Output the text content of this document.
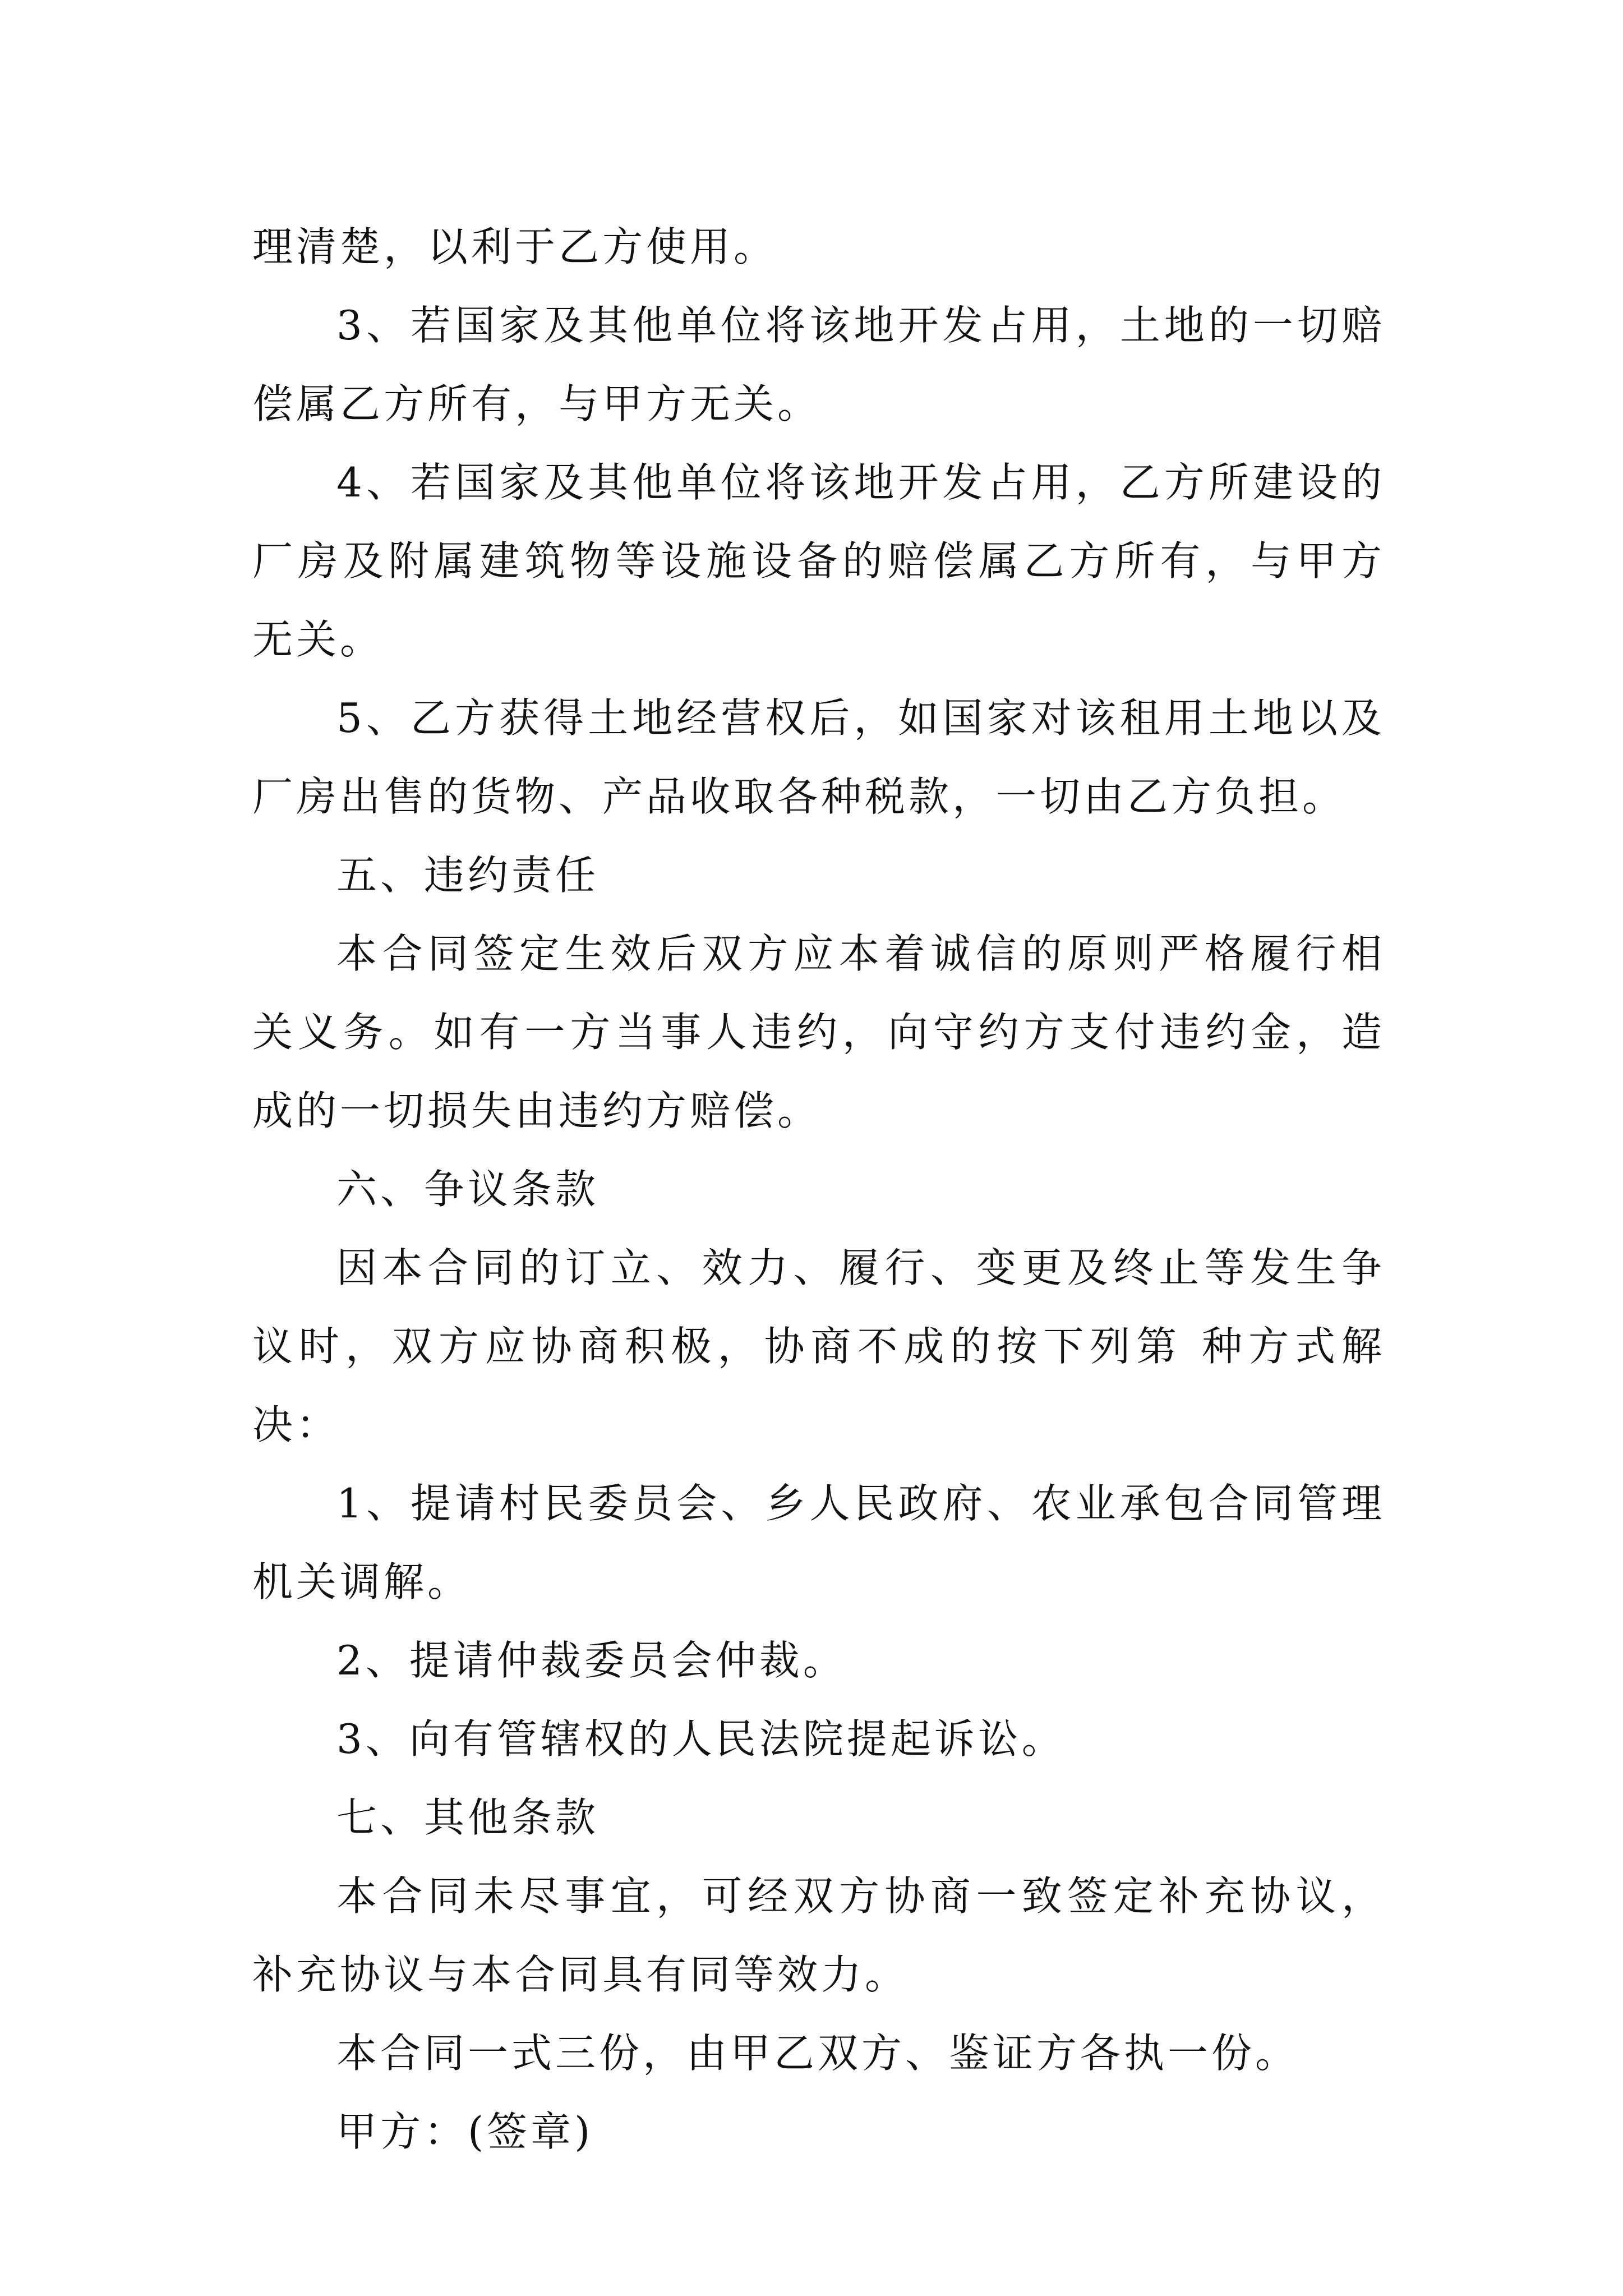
理清楚，以利于乙方使用。

3、若国家及其他单位将该地开发占用，土地的一切赔偿属乙方所有，与甲方无关。

4、若国家及其他单位将该地开发占用，乙方所建设的厂房及附属建筑物等设施设备的赔偿属乙方所有，与甲方无关。

5、乙方获得土地经营权后，如国家对该租用土地以及厂房出售的货物、产品收取各种税款，一切由乙方负担。

五、违约责任

本合同签定生效后双方应本着诚信的原则严格履行相关义务。如有一方当事人违约，向守约方支付违约金，造成的一切损失由违约方赔偿。

六、争议条款

因本合同的订立、效力、履行、变更及终止等发生争议时，双方应协商积极，协商不成的按下列第 种方式解决：

1、提请村民委员会、乡人民政府、农业承包合同管理机关调解。

2、提请仲裁委员会仲裁。

3、向有管辖权的人民法院提起诉讼。

七、其他条款

本合同未尽事宜，可经双方协商一致签定补充协议，补充协议与本合同具有同等效力。

本合同一式三份，由甲乙双方、鉴证方各执一份。

甲方：(签章)
